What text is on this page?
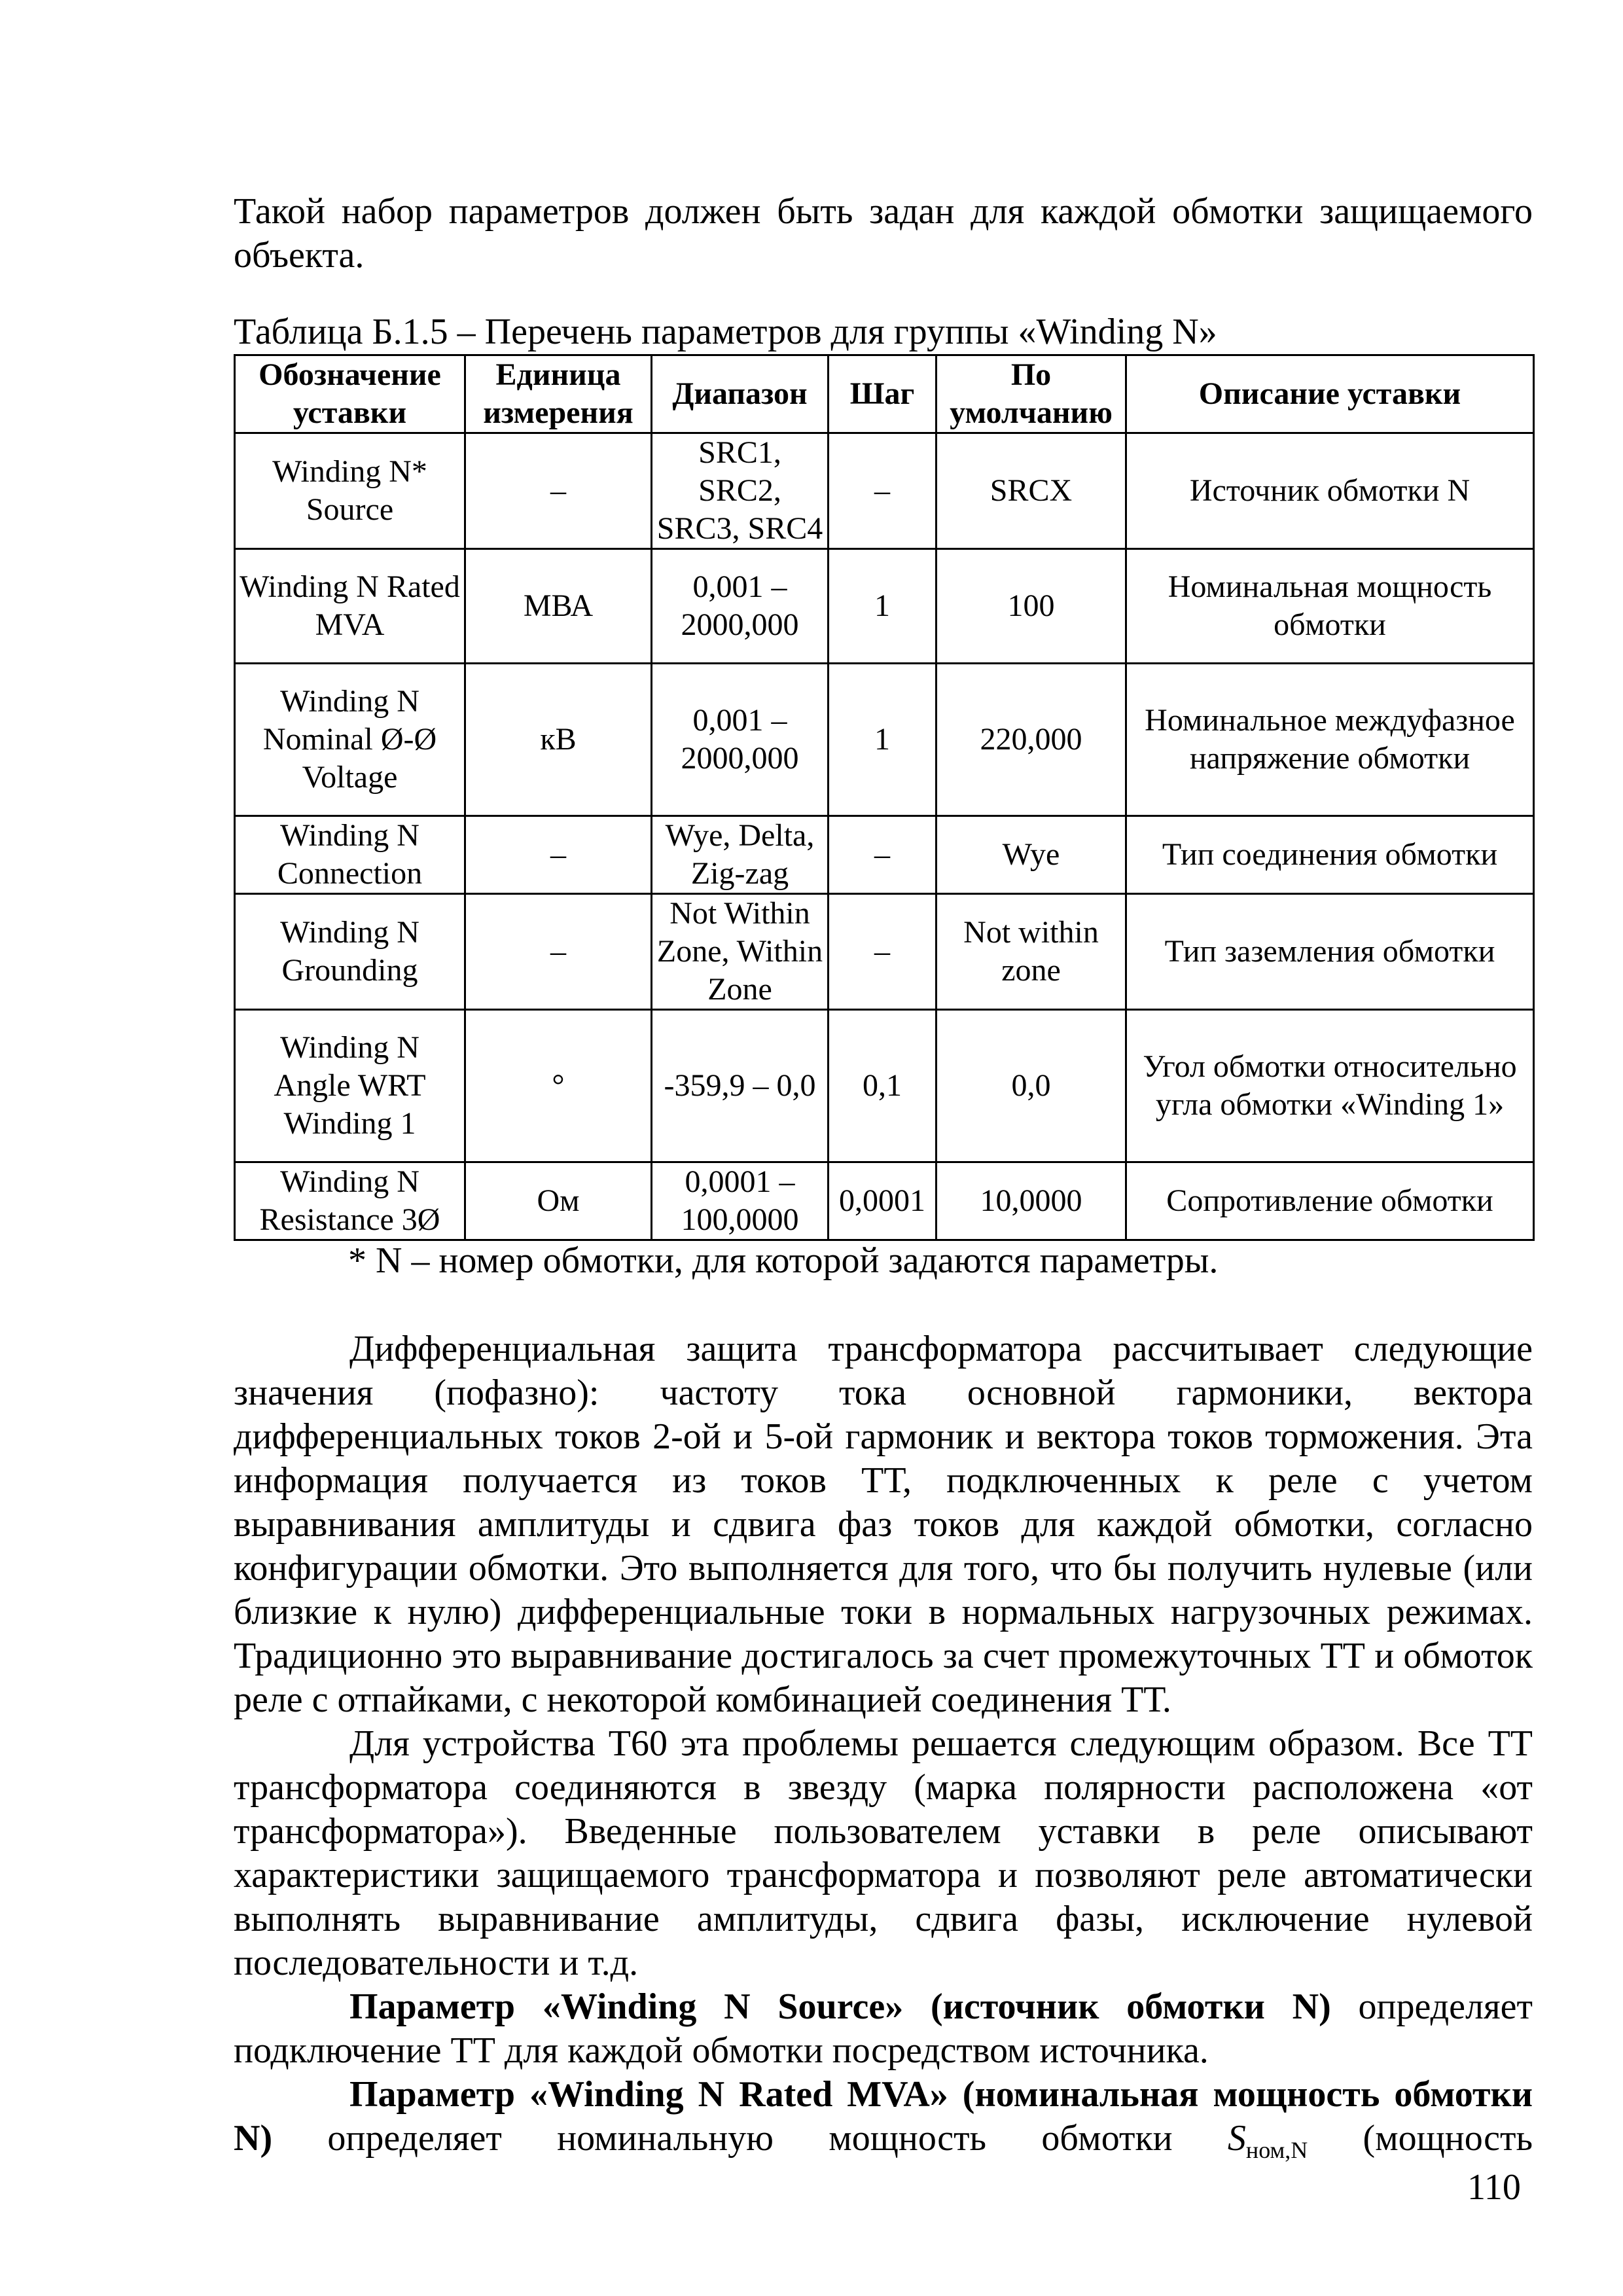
Такой набор параметров должен быть задан для каждой обмотки защищаемого объекта.

Таблица Б.1.5 – Перечень параметров для группы «Winding N»
Обозначение уставки	Единица измерения	Диапазон	Шаг	По умолчанию	Описание уставки
Winding N* Source	–	SRC1, SRC2, SRC3, SRC4	–	SRCX	Источник обмотки N
Winding N Rated MVA	МВА	0,001 – 2000,000	1	100	Номинальная мощность обмотки
Winding N Nominal Ø-Ø Voltage	кВ	0,001 – 2000,000	1	220,000	Номинальное междуфазное напряжение обмотки
Winding N Connection	–	Wye, Delta, Zig-zag	–	Wye	Тип соединения обмотки
Winding N Grounding	–	Not Within Zone, Within Zone	–	Not within zone	Тип заземления обмотки
Winding N Angle WRT Winding 1	°	-359,9 – 0,0	0,1	0,0	Угол обмотки относительно угла обмотки «Winding 1»
Winding N Resistance 3Ø	Ом	0,0001 – 100,0000	0,0001	10,0000	Сопротивление обмотки
* N – номер обмотки, для которой задаются параметры.

Дифференциальная защита трансформатора рассчитывает следующие значения (пофазно): частоту тока основной гармоники, вектора дифференциальных токов 2-ой и 5-ой гармоник и вектора токов торможения. Эта информация получается из токов ТТ, подключенных к реле с учетом выравнивания амплитуды и сдвига фаз токов для каждой обмотки, согласно конфигурации обмотки. Это выполняется для того, что бы получить нулевые (или близкие к нулю) дифференциальные токи в нормальных нагрузочных режимах. Традиционно это выравнивание достигалось за счет промежуточных ТТ и обмоток реле с отпайками, с некоторой комбинацией соединения ТТ.

Для устройства T60 эта проблемы решается следующим образом. Все ТТ трансформатора соединяются в звезду (марка полярности расположена «от трансформатора»). Введенные пользователем уставки в реле описывают характеристики защищаемого трансформатора и позволяют реле автоматически выполнять выравнивание амплитуды, сдвига фазы, исключение нулевой последовательности и т.д.

Параметр «Winding N Source» (источник обмотки N) определяет подключение ТТ для каждой обмотки посредством источника.

Параметр «Winding N Rated MVA» (номинальная мощность обмотки N) определяет номинальную мощность обмотки $S_{ном,N}$ (мощность

110
